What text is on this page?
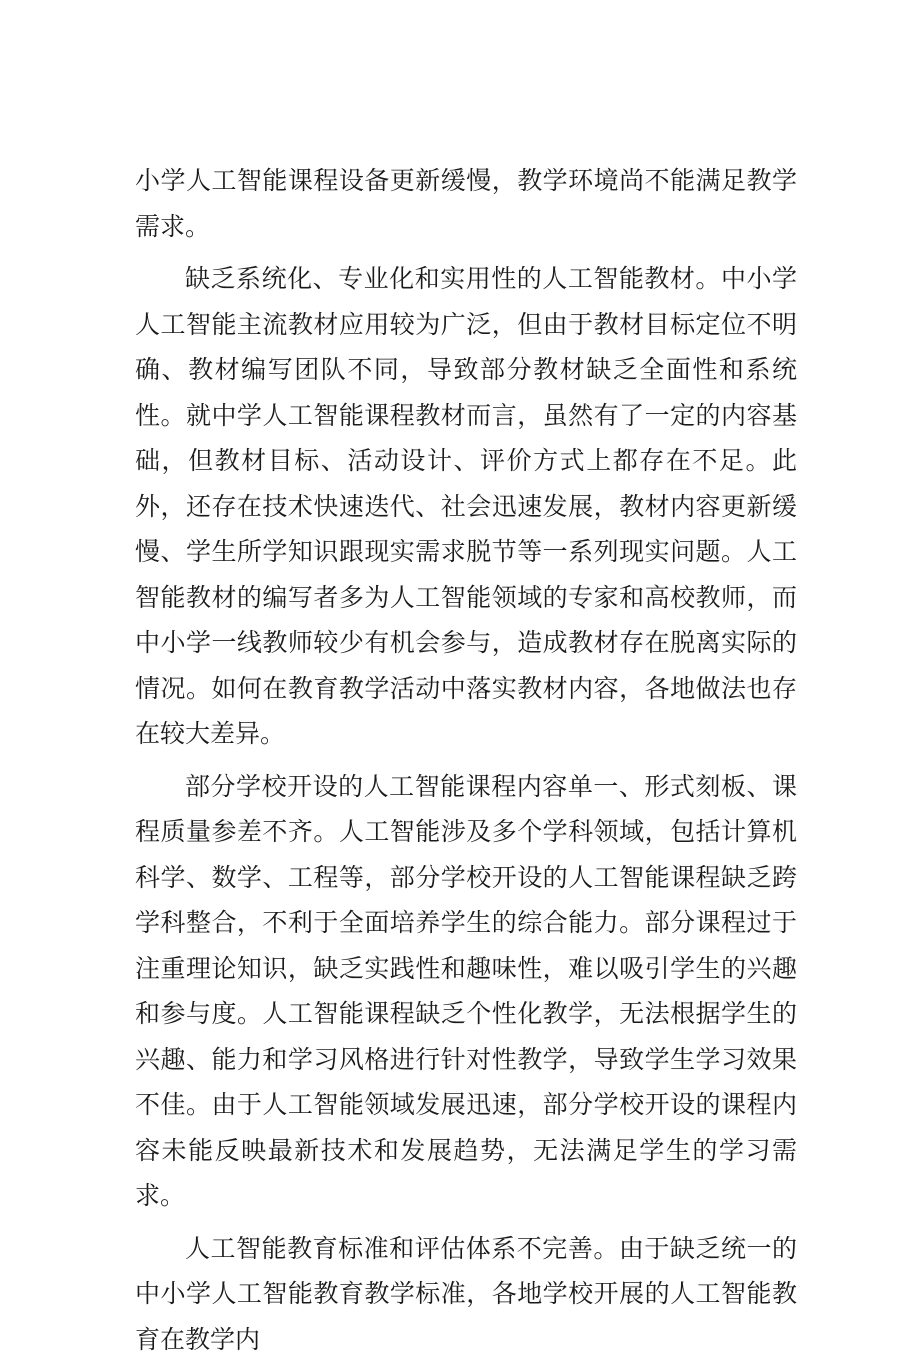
小学人工智能课程设备更新缓慢，教学环境尚不能满足教学需求。

缺乏系统化、专业化和实用性的人工智能教材。中小学人工智能主流教材应用较为广泛，但由于教材目标定位不明确、教材编写团队不同，导致部分教材缺乏全面性和系统性。就中学人工智能课程教材而言，虽然有了一定的内容基础，但教材目标、活动设计、评价方式上都存在不足。此外，还存在技术快速迭代、社会迅速发展，教材内容更新缓慢、学生所学知识跟现实需求脱节等一系列现实问题。人工智能教材的编写者多为人工智能领域的专家和高校教师，而中小学一线教师较少有机会参与，造成教材存在脱离实际的情况。如何在教育教学活动中落实教材内容，各地做法也存在较大差异。

部分学校开设的人工智能课程内容单一、形式刻板、课程质量参差不齐。人工智能涉及多个学科领域，包括计算机科学、数学、工程等，部分学校开设的人工智能课程缺乏跨学科整合，不利于全面培养学生的综合能力。部分课程过于注重理论知识，缺乏实践性和趣味性，难以吸引学生的兴趣和参与度。人工智能课程缺乏个性化教学，无法根据学生的兴趣、能力和学习风格进行针对性教学，导致学生学习效果不佳。由于人工智能领域发展迅速，部分学校开设的课程内容未能反映最新技术和发展趋势，无法满足学生的学习需求。

人工智能教育标准和评估体系不完善。由于缺乏统一的中小学人工智能教育教学标准，各地学校开展的人工智能教育在教学内
